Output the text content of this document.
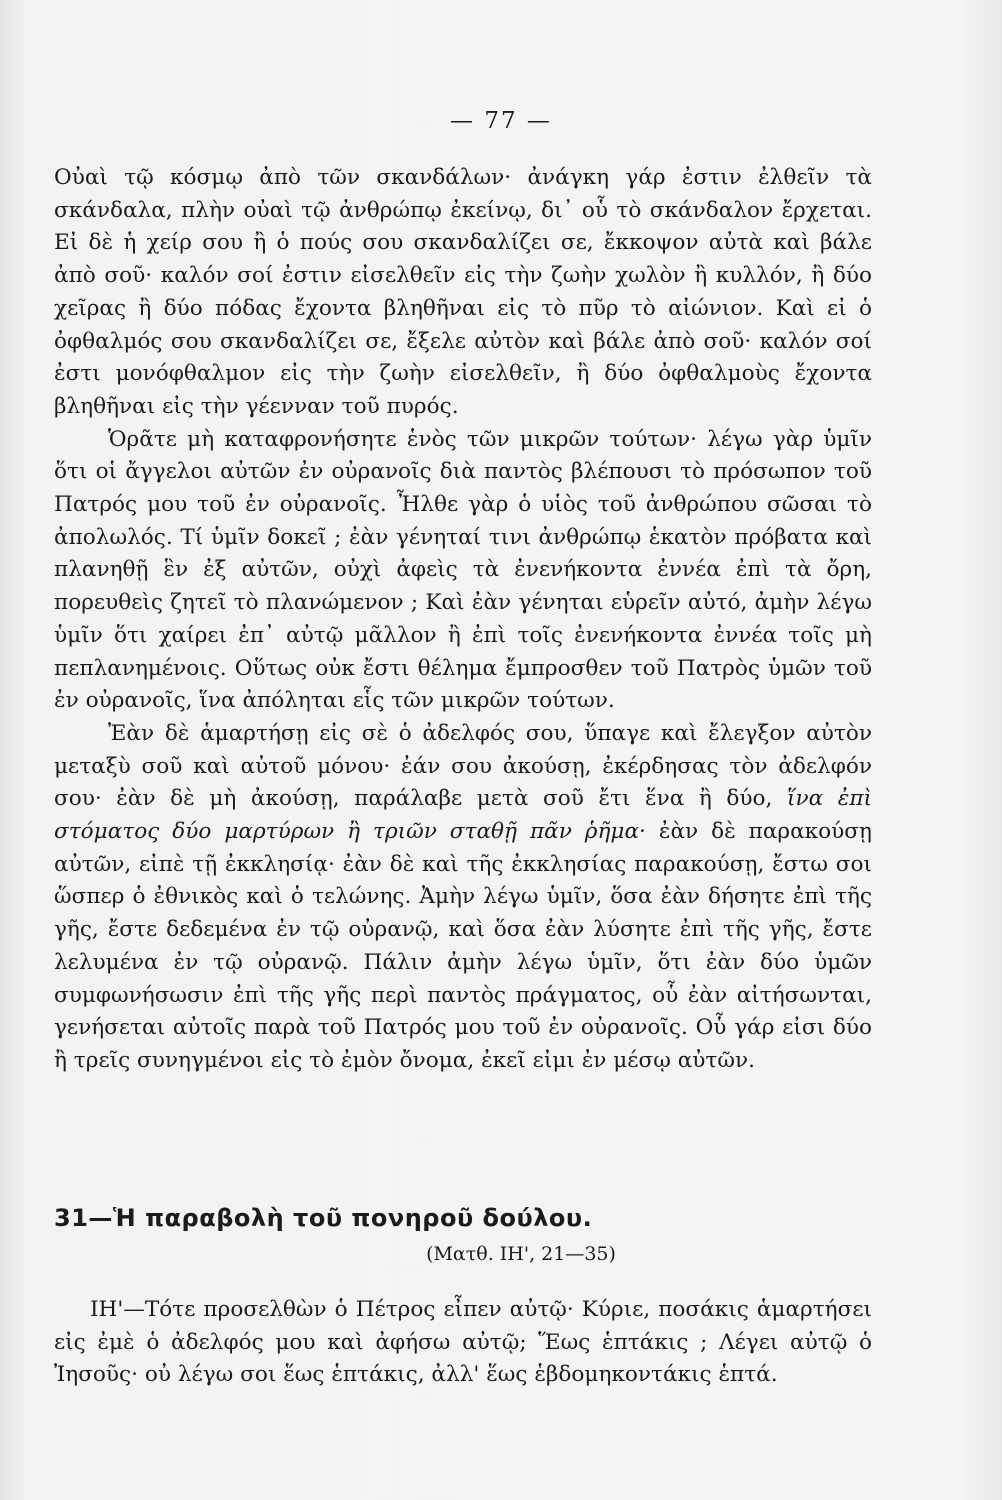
— 77 —

Οὐαὶ τῷ κόσμῳ ἀπὸ τῶν σκανδάλων· ἀνάγκη γάρ ἐστιν ἐλθεῖν τὰ σκάνδαλα, πλὴν οὐαὶ τῷ ἀνθρώπῳ ἐκείνῳ, δι᾿ οὗ τὸ σκάνδαλον ἔρχεται. Εἰ δὲ ἡ χείρ σου ἢ ὁ πούς σου σκανδαλίζει σε, ἔκκοψον αὐτὰ καὶ βάλε ἀπὸ σοῦ· καλόν σοί ἐστιν εἰσελθεῖν εἰς τὴν ζωὴν χωλὸν ἢ κυλλόν, ἢ δύο χεῖρας ἢ δύο πόδας ἔχοντα βληθῆναι εἰς τὸ πῦρ τὸ αἰώνιον. Καὶ εἰ ὁ ὀφθαλμός σου σκανδαλίζει σε, ἔξελε αὐτὸν καὶ βάλε ἀπὸ σοῦ· καλόν σοί ἐστι μονόφθαλμον εἰς τὴν ζωὴν εἰσελθεῖν, ἢ δύο ὀφθαλμοὺς ἔχοντα βληθῆναι εἰς τὴν γέενναν τοῦ πυρός.

Ὁρᾶτε μὴ καταφρονήσητε ἑνὸς τῶν μικρῶν τούτων· λέγω γὰρ ὑμῖν ὅτι οἱ ἄγγελοι αὐτῶν ἐν οὐρανοῖς διὰ παντὸς βλέπουσι τὸ πρόσωπον τοῦ Πατρός μου τοῦ ἐν οὐρανοῖς. Ἦλθε γὰρ ὁ υἱὸς τοῦ ἀνθρώπου σῶσαι τὸ ἀπολωλός. Τί ὑμῖν δοκεῖ ; ἐὰν γένηταί τινι ἀνθρώπῳ ἑκατὸν πρόβατα καὶ πλανηθῇ ἓν ἐξ αὐτῶν, οὐχὶ ἀφεὶς τὰ ἐνενήκοντα ἐννέα ἐπὶ τὰ ὄρη, πορευθεὶς ζητεῖ τὸ πλανώμενον ; Καὶ ἐὰν γένηται εὑρεῖν αὐτό, ἀμὴν λέγω ὑμῖν ὅτι χαίρει ἐπ᾿ αὐτῷ μᾶλλον ἢ ἐπὶ τοῖς ἐνενήκοντα ἐννέα τοῖς μὴ πεπλανημένοις. Οὕτως οὐκ ἔστι θέλημα ἔμπροσθεν τοῦ Πατρὸς ὑμῶν τοῦ ἐν οὐρανοῖς, ἵνα ἀπόληται εἷς τῶν μικρῶν τούτων.

Ἐὰν δὲ ἁμαρτήσῃ εἰς σὲ ὁ ἀδελφός σου, ὕπαγε καὶ ἔλεγξον αὐτὸν μεταξὺ σοῦ καὶ αὐτοῦ μόνου· ἐάν σου ἀκούσῃ, ἐκέρδησας τὸν ἀδελφόν σου· ἐὰν δὲ μὴ ἀκούσῃ, παράλαβε μετὰ σοῦ ἔτι ἕνα ἢ δύο, ἵνα ἐπὶ στόματος δύο μαρτύρων ἢ τριῶν σταθῇ πᾶν ῥῆμα· ἐὰν δὲ παρακούσῃ αὐτῶν, εἰπὲ τῇ ἐκκλησίᾳ· ἐὰν δὲ καὶ τῆς ἐκκλησίας παρακούσῃ, ἔστω σοι ὥσπερ ὁ ἐθνικὸς καὶ ὁ τελώνης. Ἀμὴν λέγω ὑμῖν, ὅσα ἐὰν δήσητε ἐπὶ τῆς γῆς, ἔστε δεδεμένα ἐν τῷ οὐρανῷ, καὶ ὅσα ἐὰν λύσητε ἐπὶ τῆς γῆς, ἔστε λελυμένα ἐν τῷ οὐρανῷ. Πάλιν ἀμὴν λέγω ὑμῖν, ὅτι ἐὰν δύο ὑμῶν συμφωνήσωσιν ἐπὶ τῆς γῆς περὶ παντὸς πράγματος, οὗ ἐὰν αἰτήσωνται, γενήσεται αὐτοῖς παρὰ τοῦ Πατρός μου τοῦ ἐν οὐρανοῖς. Οὗ γάρ εἰσι δύο ἢ τρεῖς συνηγμένοι εἰς τὸ ἐμὸν ὄνομα, ἐκεῖ εἰμι ἐν μέσῳ αὐτῶν.

31—Ἡ παραβολὴ τοῦ πονηροῦ δούλου.
(Ματθ. ΙΗ', 21—35)

ΙΗ'—Τότε προσελθὼν ὁ Πέτρος εἶπεν αὐτῷ· Κύριε, ποσάκις ἁμαρτήσει εἰς ἐμὲ ὁ ἀδελφός μου καὶ ἀφήσω αὐτῷ; Ἕως ἑπτάκις ; Λέγει αὐτῷ ὁ Ἰησοῦς· οὐ λέγω σοι ἕως ἑπτάκις, ἀλλ' ἕως ἑβδομηκοντάκις ἑπτά.
